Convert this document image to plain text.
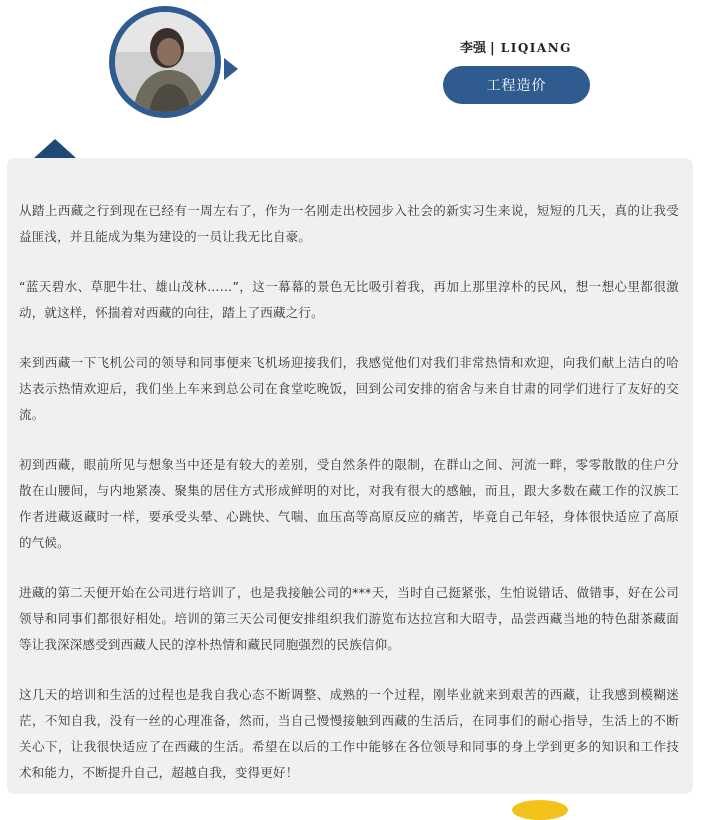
李强 | LIQIANG
工程造价

从踏上西藏之行到现在已经有一周左右了，作为一名刚走出校园步入社会的新实习生来说，短短的几天，真的让我受益匪浅，并且能成为集为建设的一员让我无比自豪。

“蓝天碧水、草肥牛壮、雄山茂林……”，这一幕幕的景色无比吸引着我，再加上那里淳朴的民风，想一想心里都很激动，就这样，怀揣着对西藏的向往，踏上了西藏之行。

来到西藏一下飞机公司的领导和同事便来飞机场迎接我们，我感觉他们对我们非常热情和欢迎，向我们献上洁白的哈达表示热情欢迎后，我们坐上车来到总公司在食堂吃晚饭，回到公司安排的宿舍与来自甘肃的同学们进行了友好的交流。

初到西藏，眼前所见与想象当中还是有较大的差别，受自然条件的限制，在群山之间、河流一畔，零零散散的住户分散在山腰间，与内地紧凑、聚集的居住方式形成鲜明的对比，对我有很大的感触，而且，跟大多数在藏工作的汉族工作者进藏返藏时一样，要承受头晕、心跳快、气喘、血压高等高原反应的痛苦，毕竟自己年轻，身体很快适应了高原的气候。

进藏的第二天便开始在公司进行培训了，也是我接触公司的***天，当时自己挺紧张，生怕说错话、做错事，好在公司领导和同事们都很好相处。培训的第三天公司便安排组织我们游览布达拉宫和大昭寺，品尝西藏当地的特色甜茶藏面等让我深深感受到西藏人民的淳朴热情和藏民同胞强烈的民族信仰。

这几天的培训和生活的过程也是我自我心态不断调整、成熟的一个过程，刚毕业就来到艰苦的西藏，让我感到模糊迷茫，不知自我，没有一丝的心理准备，然而，当自己慢慢接触到西藏的生活后，在同事们的耐心指导，生活上的不断关心下，让我很快适应了在西藏的生活。希望在以后的工作中能够在各位领导和同事的身上学到更多的知识和工作技术和能力，不断提升自己，超越自我，变得更好！
